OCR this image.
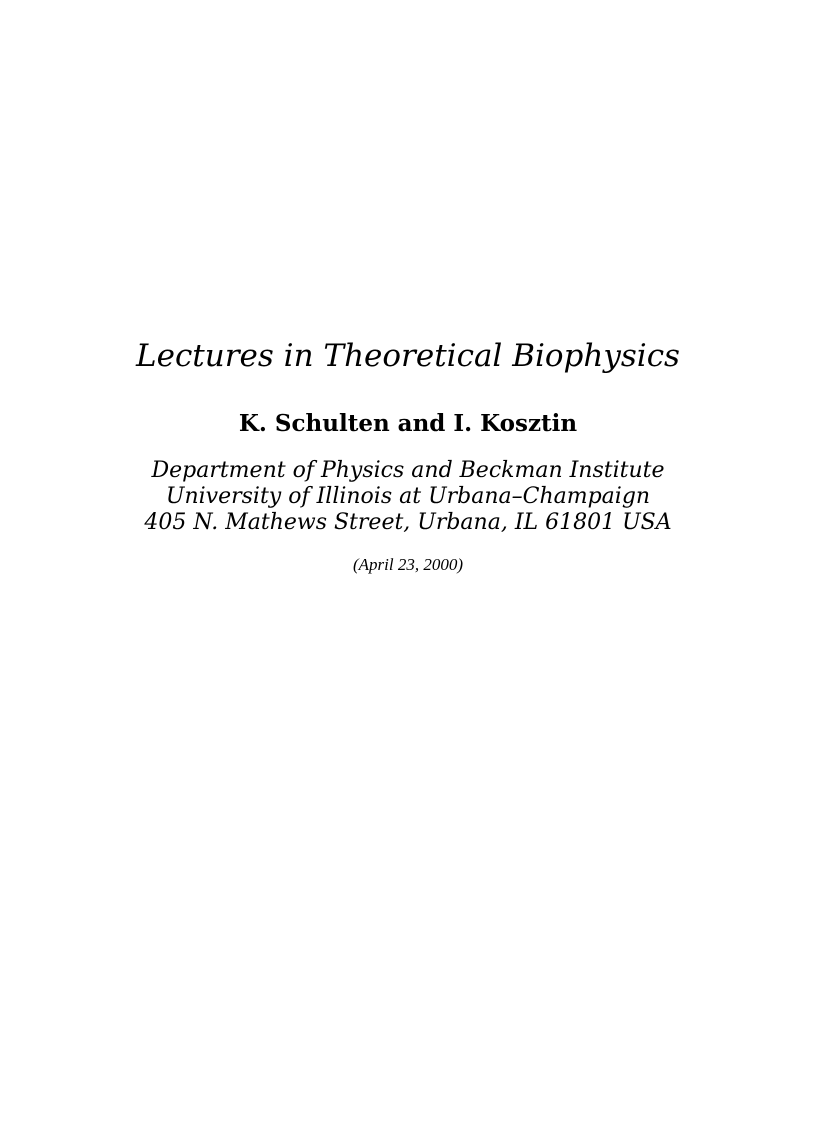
Lectures in Theoretical Biophysics
K. Schulten and I. Kosztin
Department of Physics and Beckman Institute
University of Illinois at Urbana–Champaign
405 N. Mathews Street, Urbana, IL 61801 USA
(April 23, 2000)
